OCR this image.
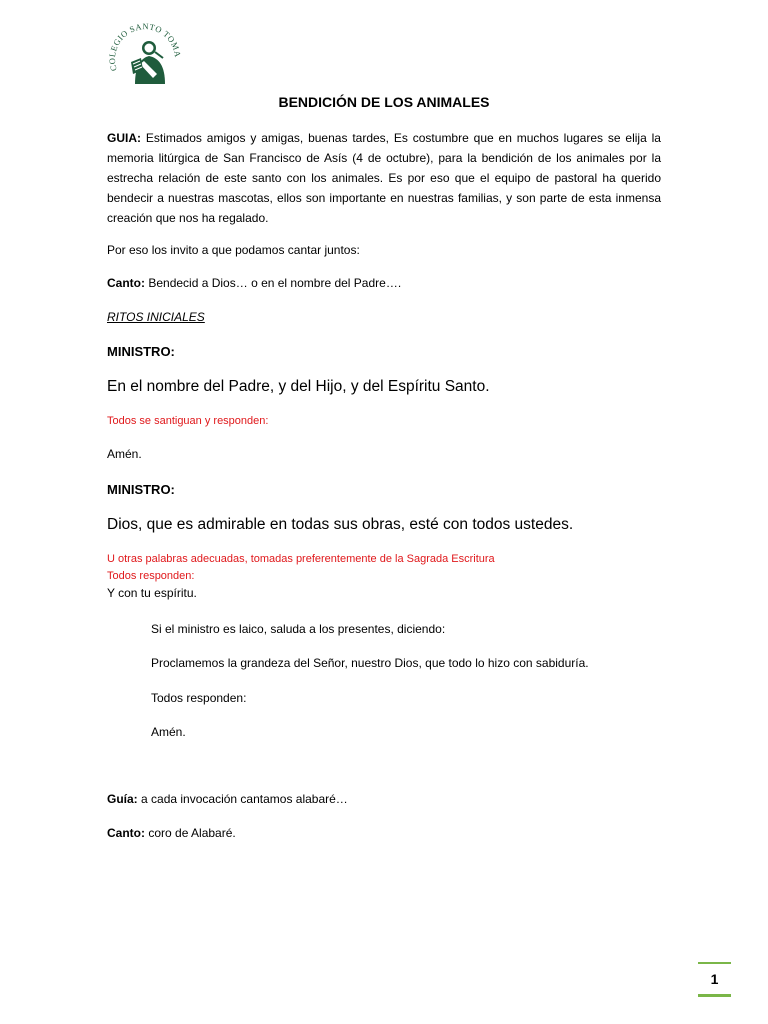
COLEGIO SANTO TOMA
BENDICIÓN DE LOS ANIMALES
GUIA: Estimados amigos y amigas, buenas tardes, Es costumbre que en muchos lugares se elija la memoria litúrgica de San Francisco de Asís (4 de octubre), para la bendición de los animales por la estrecha relación de este santo con los animales. Es por eso que el equipo de pastoral ha querido bendecir a nuestras mascotas, ellos son importante en nuestras familias, y son parte de esta inmensa creación que nos ha regalado.
Por eso los invito a que podamos cantar juntos:
Canto: Bendecid a Dios… o en el nombre del Padre….
RITOS INICIALES
MINISTRO:
En el nombre del Padre, y del Hijo, y del Espíritu Santo.
Todos se santiguan y responden:
Amén.
MINISTRO:
Dios, que es admirable en todas sus obras, esté con todos ustedes.
U otras palabras adecuadas, tomadas preferentemente de la Sagrada Escritura
Todos responden:
Y con tu espíritu.
Si el ministro es laico, saluda a los presentes, diciendo:
Proclamemos la grandeza del Señor, nuestro Dios, que todo lo hizo con sabiduría.
Todos responden:
Amén.
Guía: a cada invocación cantamos alabaré…
Canto: coro de Alabaré.
1
